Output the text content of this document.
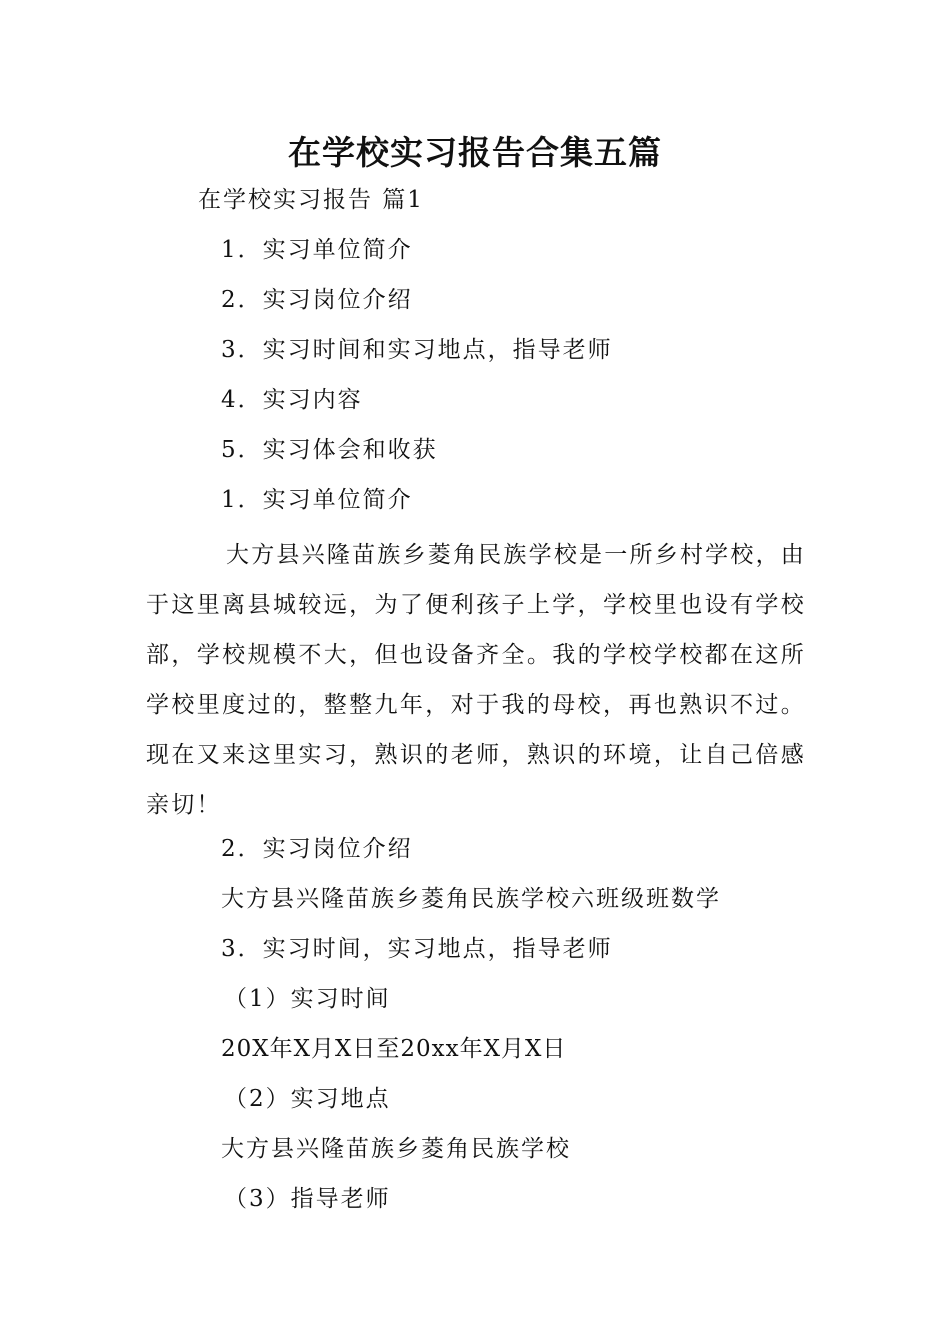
在学校实习报告合集五篇
在学校实习报告 篇1
1．实习单位简介
2．实习岗位介绍
3．实习时间和实习地点，指导老师
4．实习内容
5．实习体会和收获
1．实习单位简介
大方县兴隆苗族乡菱角民族学校是一所乡村学校，由于这里离县城较远，为了便利孩子上学，学校里也设有学校部，学校规模不大，但也设备齐全。我的学校学校都在这所学校里度过的，整整九年，对于我的母校，再也熟识不过。现在又来这里实习，熟识的老师，熟识的环境，让自己倍感亲切！
2．实习岗位介绍
大方县兴隆苗族乡菱角民族学校六班级班数学
3．实习时间，实习地点，指导老师
（1）实习时间
20X年X月X日至20xx年X月X日
（2）实习地点
大方县兴隆苗族乡菱角民族学校
（3）指导老师
